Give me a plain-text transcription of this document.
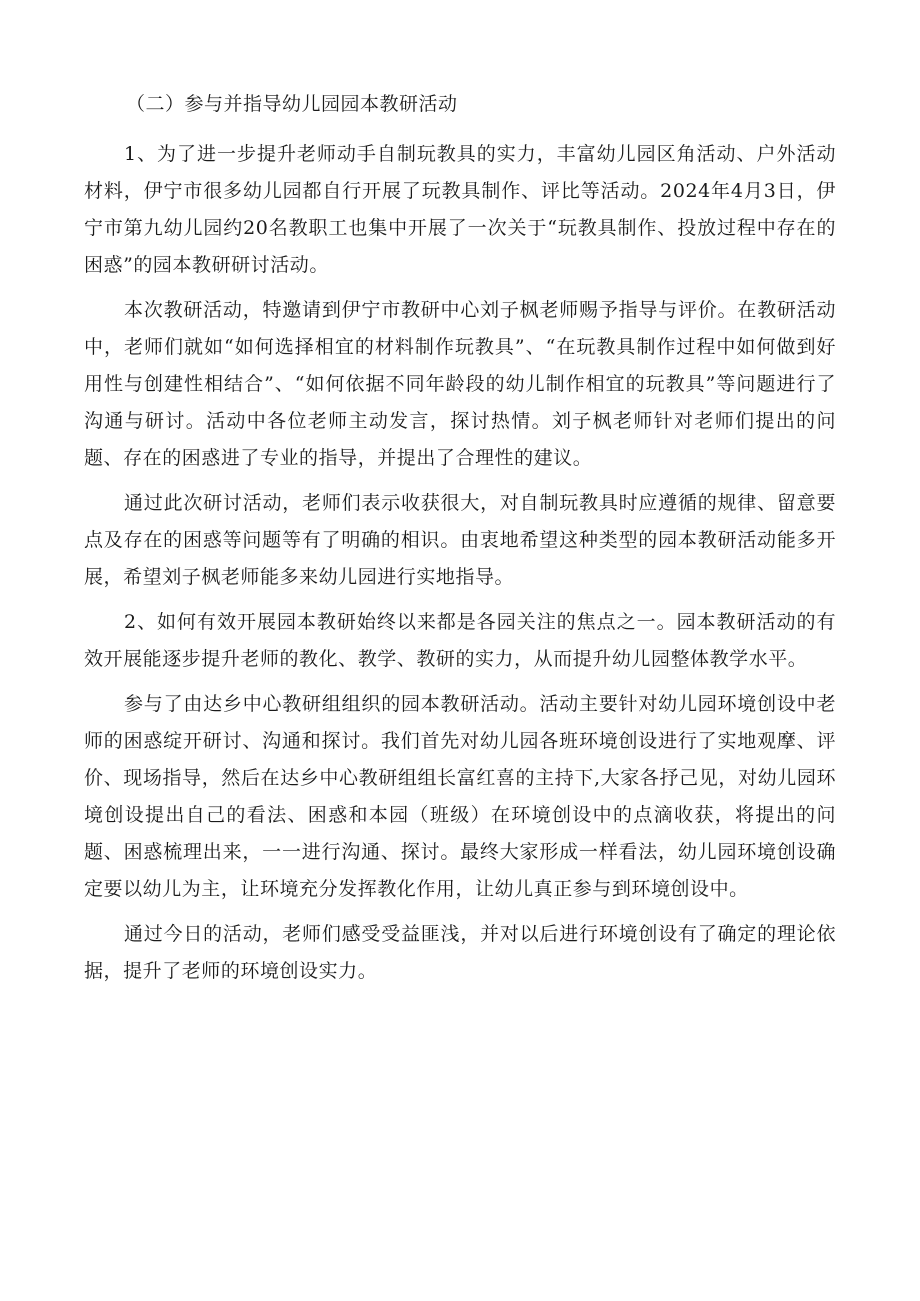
（二）参与并指导幼儿园园本教研活动

1、为了进一步提升老师动手自制玩教具的实力，丰富幼儿园区角活动、户外活动材料，伊宁市很多幼儿园都自行开展了玩教具制作、评比等活动。2024年4月3日，伊宁市第九幼儿园约20名教职工也集中开展了一次关于“玩教具制作、投放过程中存在的困惑”的园本教研研讨活动。

本次教研活动，特邀请到伊宁市教研中心刘子枫老师赐予指导与评价。在教研活动中，老师们就如“如何选择相宜的材料制作玩教具”、“在玩教具制作过程中如何做到好用性与创建性相结合”、“如何依据不同年龄段的幼儿制作相宜的玩教具”等问题进行了沟通与研讨。活动中各位老师主动发言，探讨热情。刘子枫老师针对老师们提出的问题、存在的困惑进了专业的指导，并提出了合理性的建议。

通过此次研讨活动，老师们表示收获很大，对自制玩教具时应遵循的规律、留意要点及存在的困惑等问题等有了明确的相识。由衷地希望这种类型的园本教研活动能多开展，希望刘子枫老师能多来幼儿园进行实地指导。

2、如何有效开展园本教研始终以来都是各园关注的焦点之一。园本教研活动的有效开展能逐步提升老师的教化、教学、教研的实力，从而提升幼儿园整体教学水平。

参与了由达乡中心教研组组织的园本教研活动。活动主要针对幼儿园环境创设中老师的困惑绽开研讨、沟通和探讨。我们首先对幼儿园各班环境创设进行了实地观摩、评价、现场指导，然后在达乡中心教研组组长富红喜的主持下,大家各抒己见，对幼儿园环境创设提出自己的看法、困惑和本园（班级）在环境创设中的点滴收获，将提出的问题、困惑梳理出来，一一进行沟通、探讨。最终大家形成一样看法，幼儿园环境创设确定要以幼儿为主，让环境充分发挥教化作用，让幼儿真正参与到环境创设中。

通过今日的活动，老师们感受受益匪浅，并对以后进行环境创设有了确定的理论依据，提升了老师的环境创设实力。
